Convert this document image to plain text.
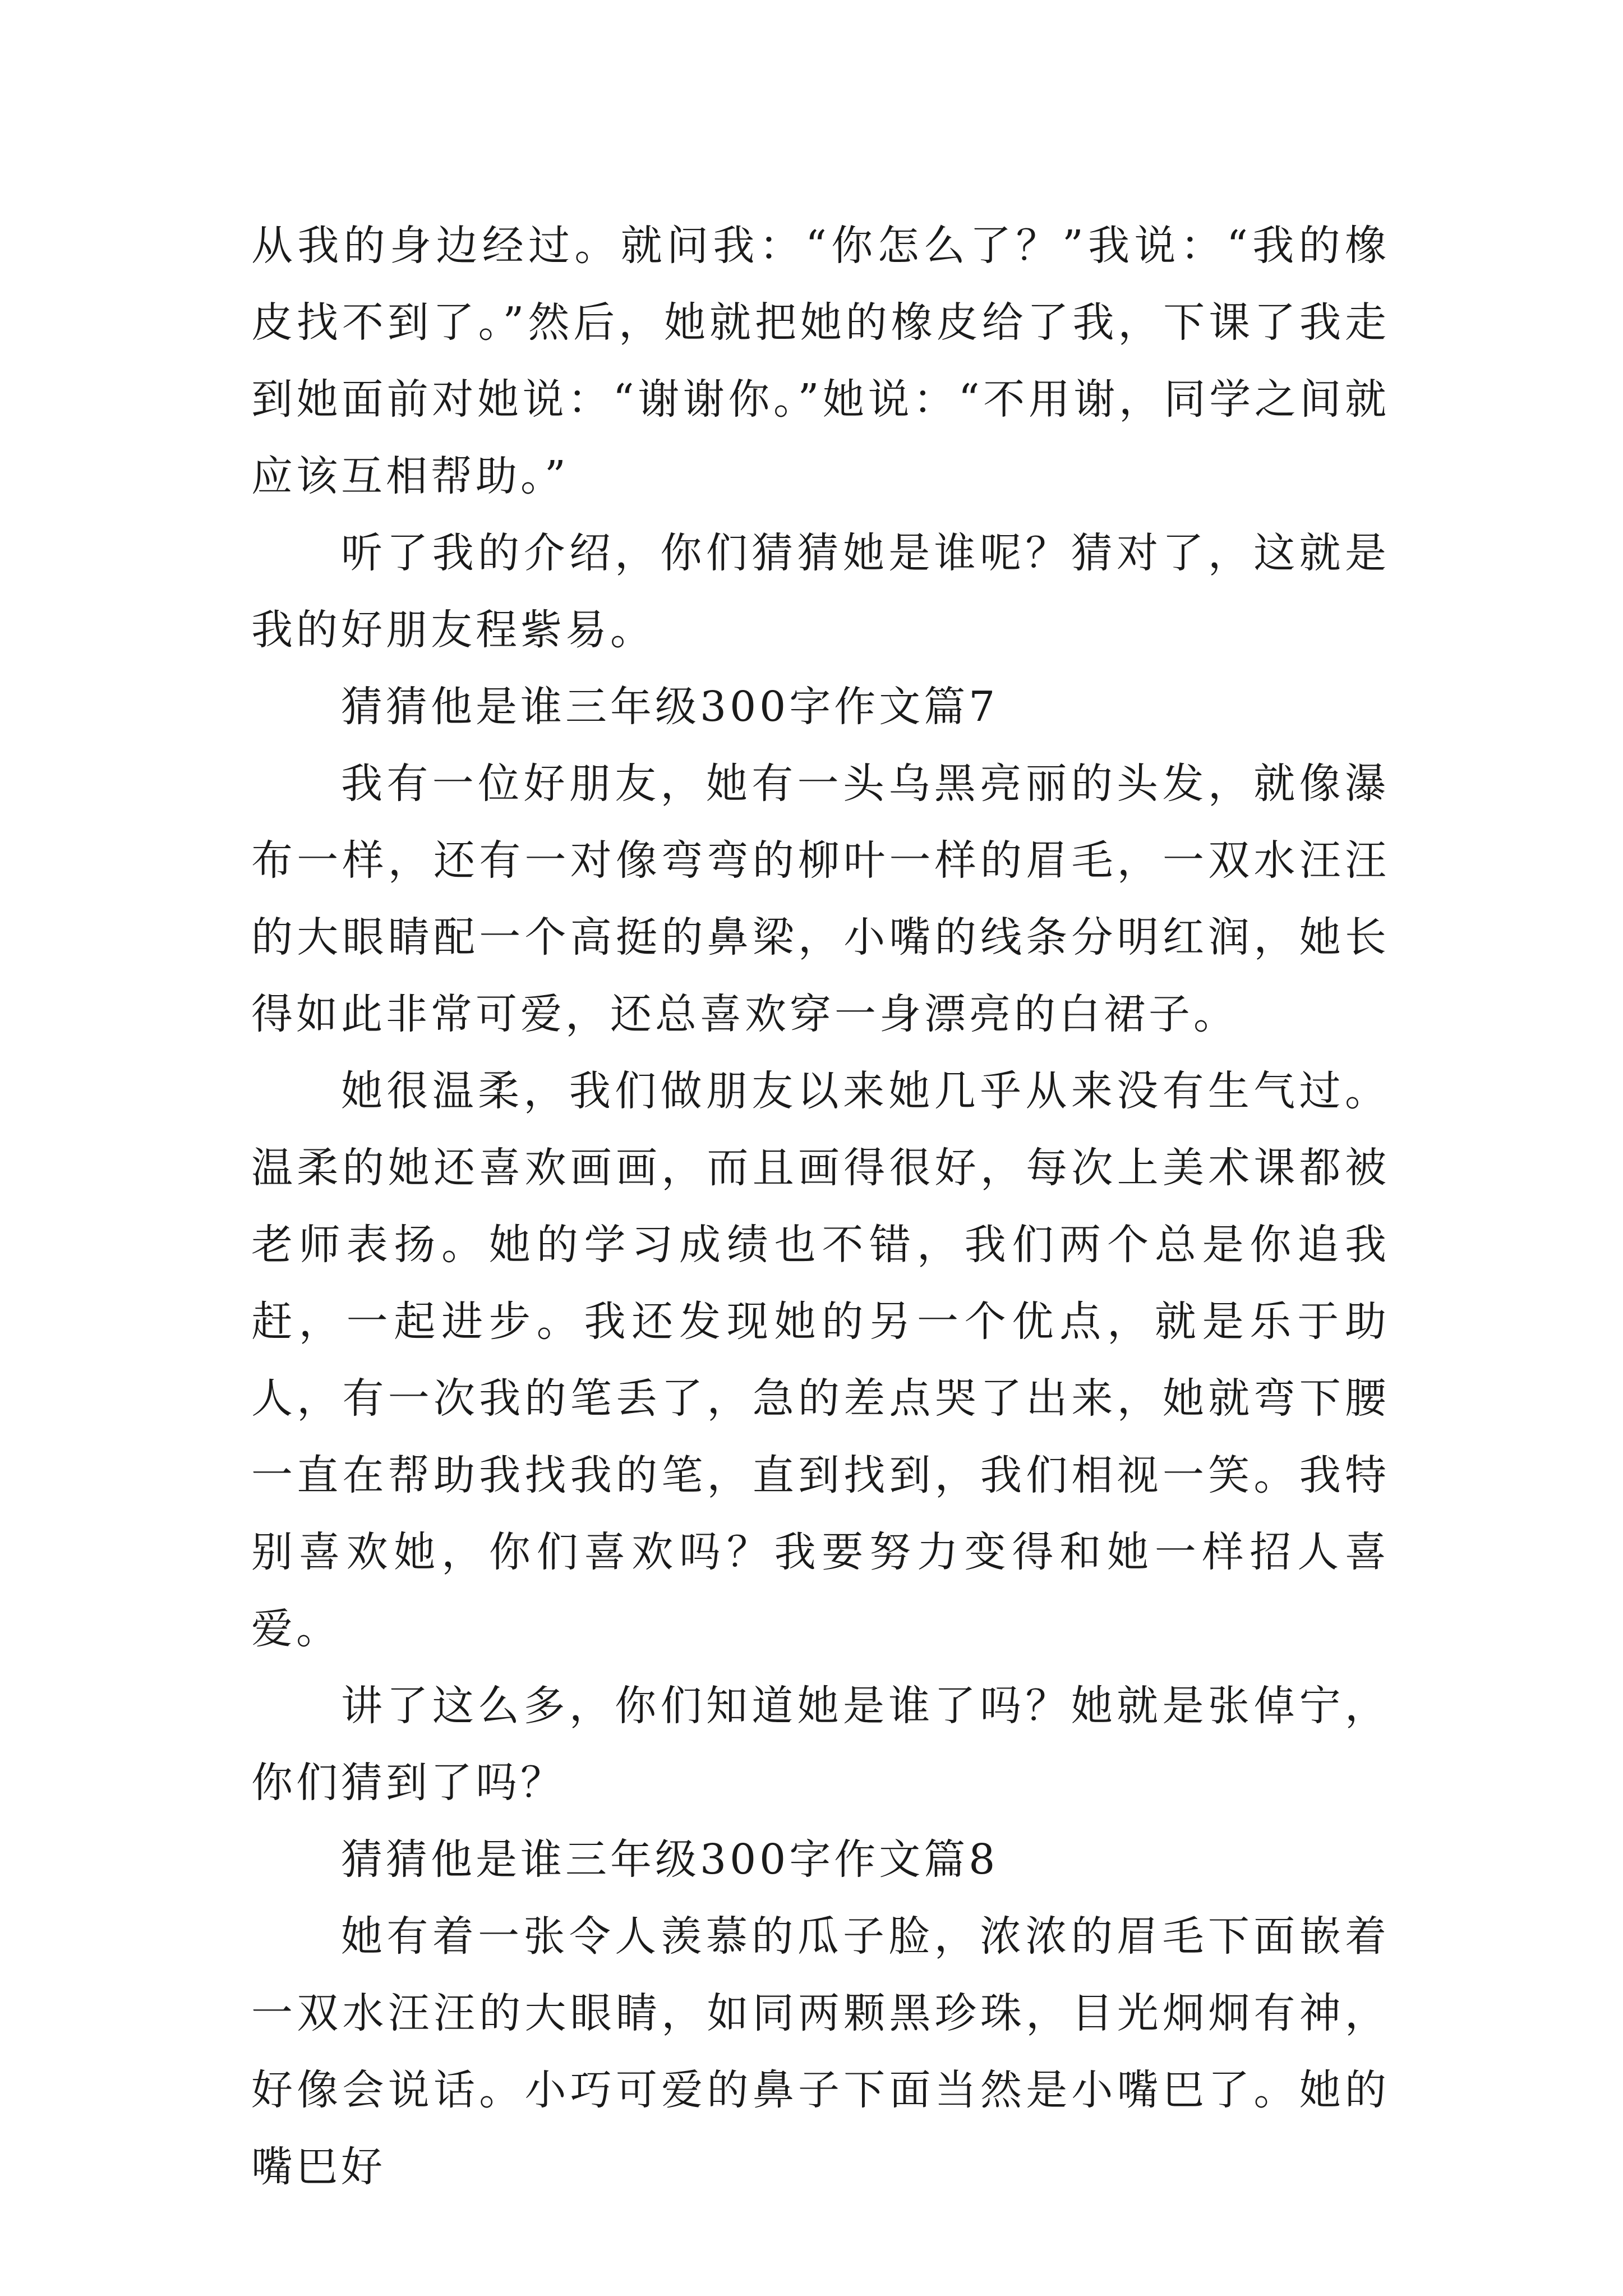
从我的身边经过。就问我：“你怎么了？”我说：“我的橡皮找不到了。”然后，她就把她的橡皮给了我，下课了我走到她面前对她说：“谢谢你。”她说：“不用谢，同学之间就应该互相帮助。”

听了我的介绍，你们猜猜她是谁呢？猜对了，这就是我的好朋友程紫易。

猜猜他是谁三年级300字作文篇7

我有一位好朋友，她有一头乌黑亮丽的头发，就像瀑布一样，还有一对像弯弯的柳叶一样的眉毛，一双水汪汪的大眼睛配一个高挺的鼻梁，小嘴的线条分明红润，她长得如此非常可爱，还总喜欢穿一身漂亮的白裙子。

她很温柔，我们做朋友以来她几乎从来没有生气过。温柔的她还喜欢画画，而且画得很好，每次上美术课都被老师表扬。她的学习成绩也不错，我们两个总是你追我赶，一起进步。我还发现她的另一个优点，就是乐于助人，有一次我的笔丢了，急的差点哭了出来，她就弯下腰一直在帮助我找我的笔，直到找到，我们相视一笑。我特别喜欢她，你们喜欢吗？我要努力变得和她一样招人喜爱。

讲了这么多，你们知道她是谁了吗？她就是张倬宁，你们猜到了吗？

猜猜他是谁三年级300字作文篇8

她有着一张令人羡慕的瓜子脸，浓浓的眉毛下面嵌着一双水汪汪的大眼睛，如同两颗黑珍珠，目光炯炯有神，好像会说话。小巧可爱的鼻子下面当然是小嘴巴了。她的嘴巴好
